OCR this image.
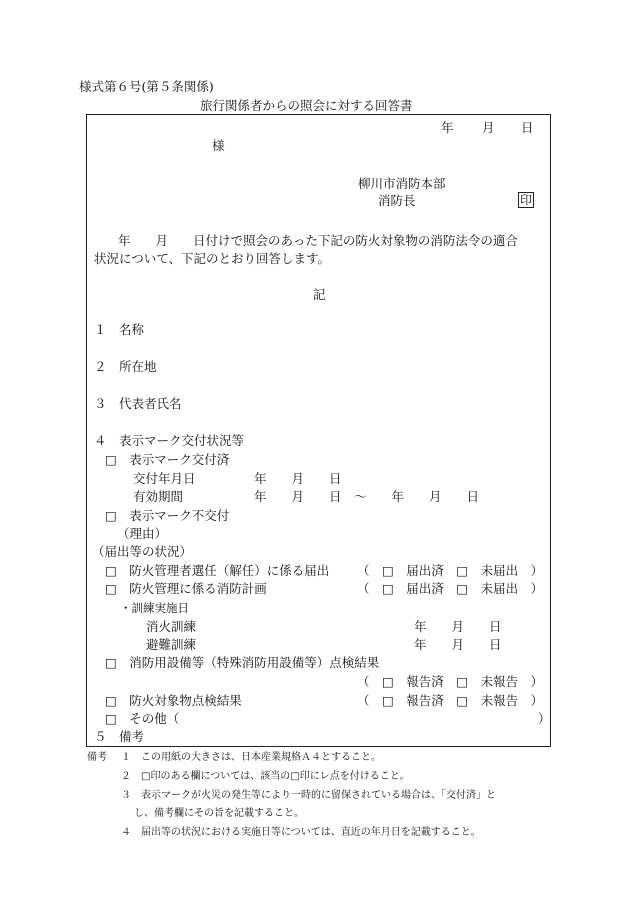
様式第６号(第５条関係)
旅行関係者からの照会に対する回答書
年 月 日
様
柳川市消防本部
消防長	印
年　　月　　日付けで照会のあった下記の防火対象物の消防法令の適合
状況について、下記のとおり回答します。
記
１　名称
２　所在地
３　代表者氏名
４　表示マーク交付状況等
□　表示マーク交付済
交付年月日	年　　月　　日
有効期間	年　　月　　日　～　　年　　月　　日
□　表示マーク不交付
（理由）
（届出等の状況）
□　防火管理者選任（解任）に係る届出 （　□　届出済　□　未届出　）
□　防火管理に係る消防計画	（　□　届出済　□　未届出　）
・訓練実施日
消火訓練	年　　月　　日
避難訓練	年　　月　　日
□　消防用設備等（特殊消防用設備等）点検結果
（　□　報告済　□　未報告　）
□　防火対象物点検結果	（　□　報告済　□　未報告　）
□　その他（	）
５　備考
備考 １　この用紙の大きさは、日本産業規格Ａ４とすること。
２　□印のある欄については、該当の□印にレ点を付けること。
３　表示マークが火災の発生等により一時的に留保されている場合は、「交付済」と
し、備考欄にその旨を記載すること。
４　届出等の状況における実施日等については、直近の年月日を記載すること。
